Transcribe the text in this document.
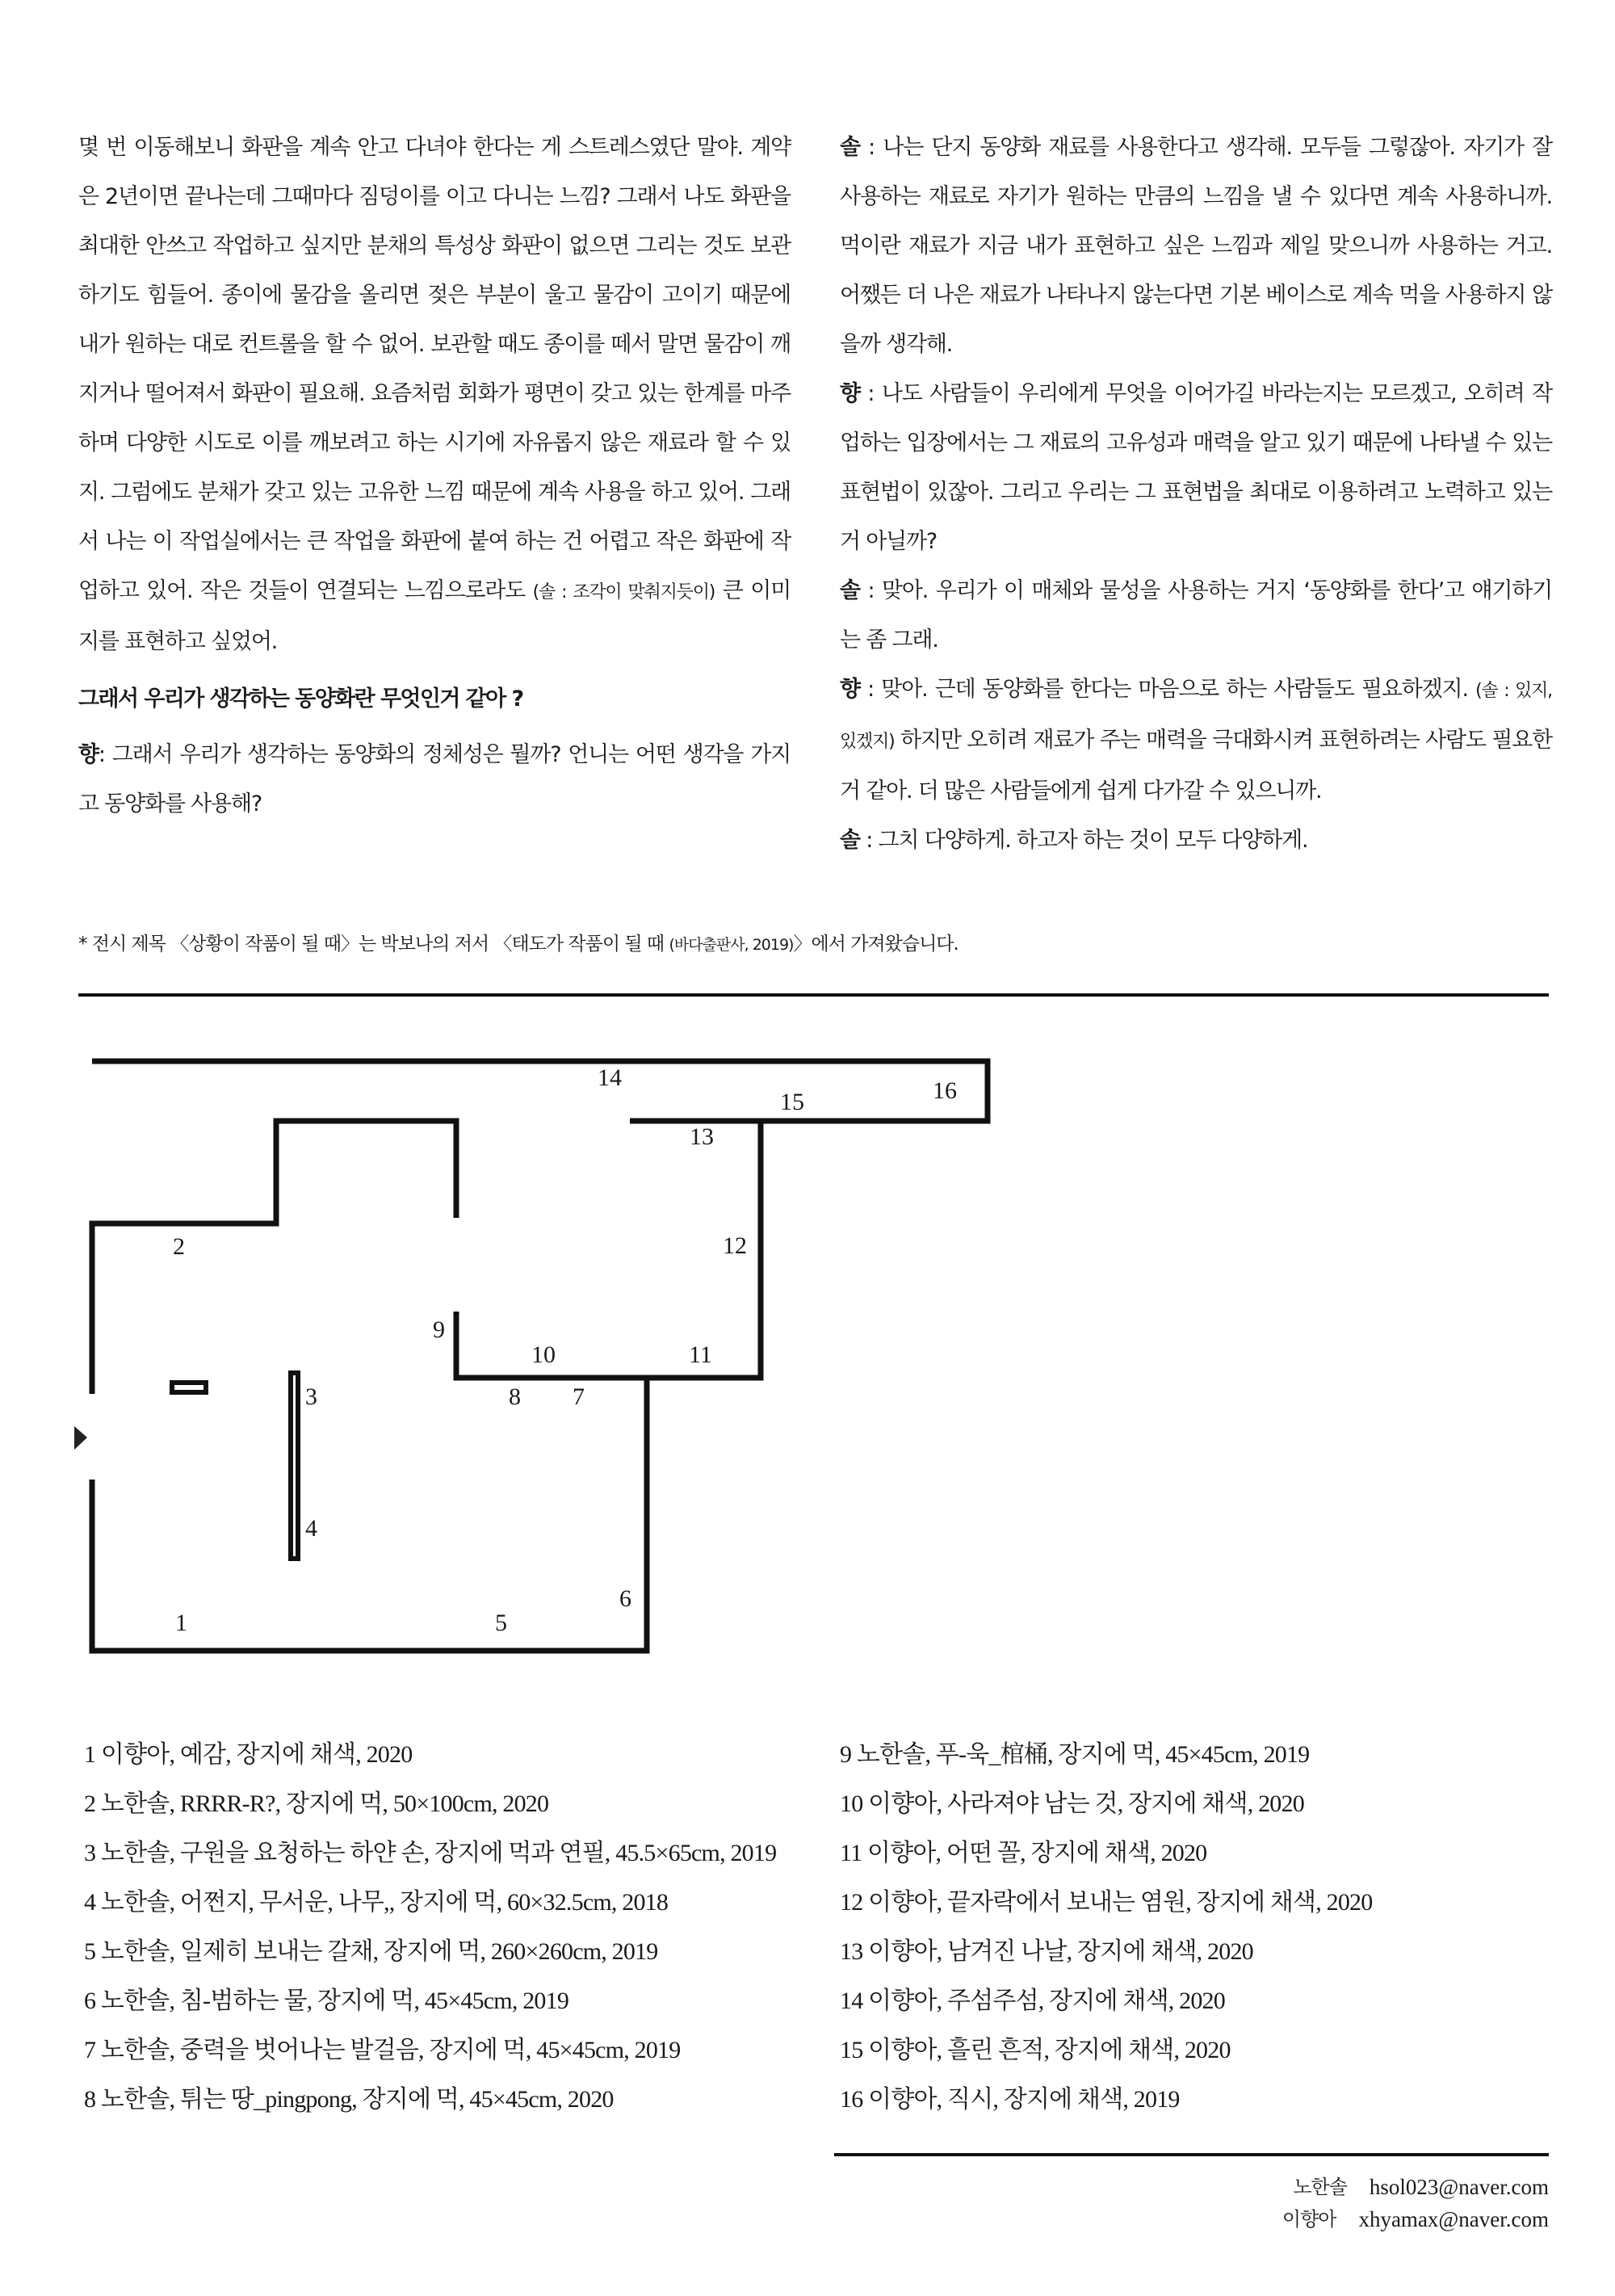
몇 번 이동해보니 화판을 계속 안고 다녀야 한다는 게 스트레스였단 말야. 계약은 2년이면 끝나는데 그때마다 짐덩이를 이고 다니는 느낌? 그래서 나도 화판을 최대한 안쓰고 작업하고 싶지만 분채의 특성상 화판이 없으면 그리는 것도 보관하기도 힘들어. 종이에 물감을 올리면 젖은 부분이 울고 물감이 고이기 때문에 내가 원하는 대로 컨트롤을 할 수 없어. 보관할 때도 종이를 떼서 말면 물감이 깨지거나 떨어져서 화판이 필요해. 요즘처럼 회화가 평면이 갖고 있는 한계를 마주하며 다양한 시도로 이를 깨보려고 하는 시기에 자유롭지 않은 재료라 할 수 있지. 그럼에도 분채가 갖고 있는 고유한 느낌 때문에 계속 사용을 하고 있어. 그래서 나는 이 작업실에서는 큰 작업을 화판에 붙여 하는 건 어렵고 작은 화판에 작업하고 있어. 작은 것들이 연결되는 느낌으로라도 (솔 : 조각이 맞춰지듯이) 큰 이미지를 표현하고 싶었어.

그래서 우리가 생각하는 동양화란 무엇인거 같아 ?

향: 그래서 우리가 생각하는 동양화의 정체성은 뭘까? 언니는 어떤 생각을 가지고 동양화를 사용해?

솔 : 나는 단지 동양화 재료를 사용한다고 생각해. 모두들 그렇잖아. 자기가 잘 사용하는 재료로 자기가 원하는 만큼의 느낌을 낼 수 있다면 계속 사용하니까. 먹이란 재료가 지금 내가 표현하고 싶은 느낌과 제일 맞으니까 사용하는 거고. 어쨌든 더 나은 재료가 나타나지 않는다면 기본 베이스로 계속 먹을 사용하지 않을까 생각해.

향 : 나도 사람들이 우리에게 무엇을 이어가길 바라는지는 모르겠고, 오히려 작업하는 입장에서는 그 재료의 고유성과 매력을 알고 있기 때문에 나타낼 수 있는 표현법이 있잖아. 그리고 우리는 그 표현법을 최대로 이용하려고 노력하고 있는 거 아닐까?

솔 : 맞아. 우리가 이 매체와 물성을 사용하는 거지 ‘동양화를 한다’고 얘기하기는 좀 그래.

향 : 맞아. 근데 동양화를 한다는 마음으로 하는 사람들도 필요하겠지. (솔 : 있지, 있겠지) 하지만 오히려 재료가 주는 매력을 극대화시켜 표현하려는 사람도 필요한거 같아. 더 많은 사람들에게 쉽게 다가갈 수 있으니까.

솔 : 그치 다양하게. 하고자 하는 것이 모두 다양하게.

* 전시 제목 〈상황이 작품이 될 때〉는 박보나의 저서 〈태도가 작품이 될 때 (바다출판사, 2019)〉에서 가져왔습니다.
1
2
3
4
5
6
7
8
9
10	11
12
13
14
15	16
1 이향아, 예감, 장지에 채색, 2020
2 노한솔, RRRR-R?, 장지에 먹, 50×100cm, 2020
3 노한솔, 구원을 요청하는 하얀 손, 장지에 먹과 연필, 45.5×65cm, 2019
4 노한솔, 어쩐지, 무서운, 나무,, 장지에 먹, 60×32.5cm, 2018
5 노한솔, 일제히 보내는 갈채, 장지에 먹, 260×260cm, 2019
6 노한솔, 침-범하는 물, 장지에 먹, 45×45cm, 2019
7 노한솔, 중력을 벗어나는 발걸음, 장지에 먹, 45×45cm, 2019
8 노한솔, 튀는 땅_pingpong, 장지에 먹, 45×45cm, 2020
9 노한솔, 푸-욱_棺桶, 장지에 먹, 45×45cm, 2019
10 이향아, 사라져야 남는 것, 장지에 채색, 2020
11 이향아, 어떤 꼴, 장지에 채색, 2020
12 이향아, 끝자락에서 보내는 염원, 장지에 채색, 2020
13 이향아, 남겨진 나날, 장지에 채색, 2020
14 이향아, 주섬주섬, 장지에 채색, 2020
15 이향아, 흘린 흔적, 장지에 채색, 2020
16 이향아, 직시, 장지에 채색, 2019
노한솔 hsol023@naver.com
이향아 xhyamax@naver.com
